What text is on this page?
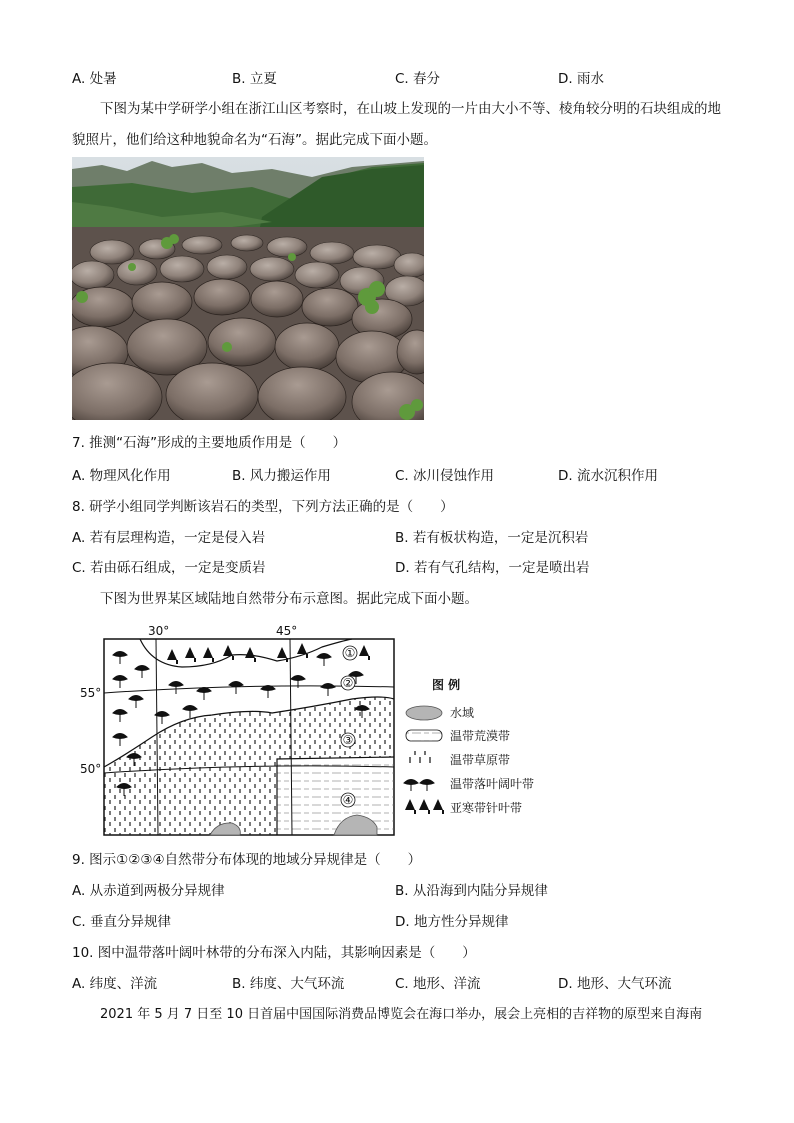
A. 处暑	B. 立夏	C. 春分	D. 雨水
下图为某中学研学小组在浙江山区考察时，在山坡上发现的一片由大小不等、棱角较分明的石块组成的地貌照片，他们给这种地貌命名为“石海”。据此完成下面小题。
7. 推测“石海”形成的主要地质作用是（　　）
A. 物理风化作用	B. 风力搬运作用	C. 冰川侵蚀作用	D. 流水沉积作用
8. 研学小组同学判断该岩石的类型，下列方法正确的是（　　）
A. 若有层理构造，一定是侵入岩	B. 若有板状构造，一定是沉积岩
C. 若由砾石组成，一定是变质岩	D. 若有气孔结构，一定是喷出岩
下图为世界某区域陆地自然带分布示意图。据此完成下面小题。
①
②
③
④
30°	45°
55°
50°
图 例
水域
温带荒漠带
温带草原带
温带落叶阔叶带
亚寒带针叶带
9. 图示①②③④自然带分布体现的地域分异规律是（　　）
A. 从赤道到两极分异规律	B. 从沿海到内陆分异规律
C. 垂直分异规律	D. 地方性分异规律
10. 图中温带落叶阔叶林带的分布深入内陆，其影响因素是（　　）
A. 纬度、洋流	B. 纬度、大气环流	C. 地形、洋流	D. 地形、大气环流
2021 年 5 月 7 日至 10 日首届中国国际消费品博览会在海口举办，展会上亮相的吉祥物的原型来自海南
